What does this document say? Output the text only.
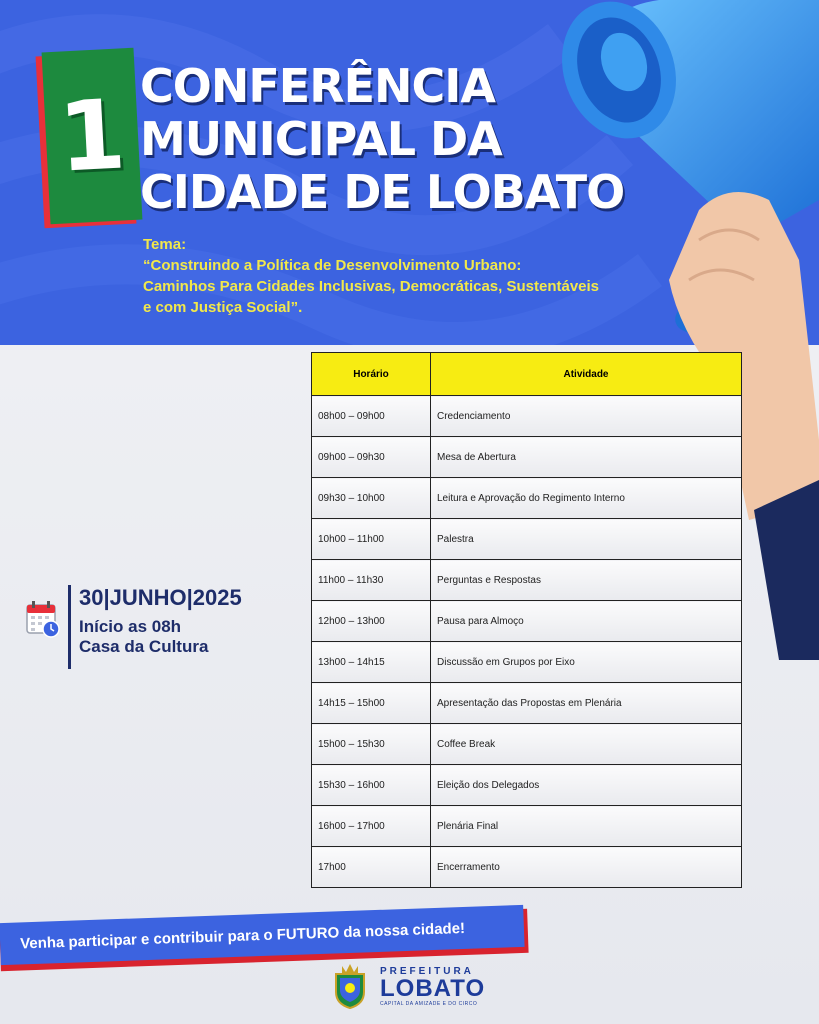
1 CONFERÊNCIA
MUNICIPAL DA
CIDADE DE LOBATO
Tema:
“Construindo a Política de Desenvolvimento Urbano:
Caminhos Para Cidades Inclusivas, Democráticas, Sustentáveis
e com Justiça Social”.
Horário	Atividade
08h00 – 09h00	Credenciamento
09h00 – 09h30	Mesa de Abertura
09h30 – 10h00	Leitura e Aprovação do Regimento Interno
10h00 – 11h00	Palestra
11h00 – 11h30	Perguntas e Respostas
12h00 – 13h00	Pausa para Almoço
13h00 – 14h15	Discussão em Grupos por Eixo
14h15 – 15h00	Apresentação das Propostas em Plenária
15h00 – 15h30	Coffee Break
15h30 – 16h00	Eleição dos Delegados
16h00 – 17h00	Plenária Final
17h00	Encerramento
30|JUNHO|2025
Início as 08h
Casa da Cultura
Venha participar e contribuir para o FUTURO da nossa cidade!
PREFEITURA
LOBATO
CAPITAL DA AMIZADE E DO CIRCO
